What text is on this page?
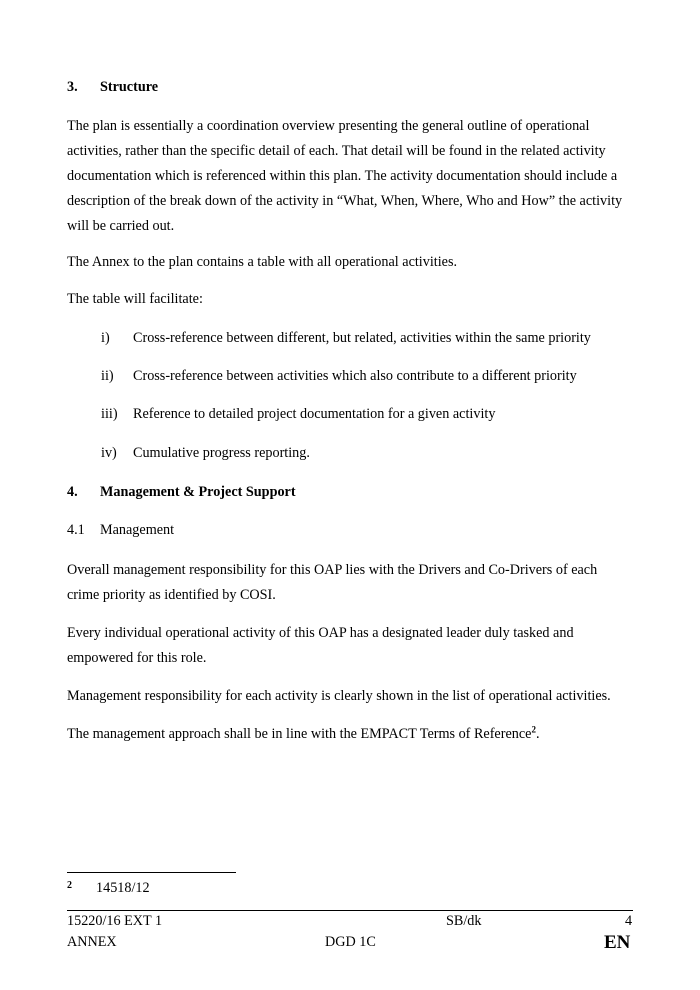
3. Structure
The plan is essentially a coordination overview presenting the general outline of operational activities, rather than the specific detail of each. That detail will be found in the related activity documentation which is referenced within this plan. The activity documentation should include a description of the break down of the activity in “What, When, Where, Who and How” the activity will be carried out.
The Annex to the plan contains a table with all operational activities.
The table will facilitate:
i) Cross-reference between different, but related, activities within the same priority
ii) Cross-reference between activities which also contribute to a different priority
iii) Reference to detailed project documentation for a given activity
iv) Cumulative progress reporting.
4. Management & Project Support
4.1 Management
Overall management responsibility for this OAP lies with the Drivers and Co-Drivers of each crime priority as identified by COSI.
Every individual operational activity of this OAP has a designated leader duly tasked and empowered for this role.
Management responsibility for each activity is clearly shown in the list of operational activities.
The management approach shall be in line with the EMPACT Terms of Reference$^2$.
2 14518/12
15220/16 EXT 1	SB/dk	4
ANNEX	DGD 1C	EN
